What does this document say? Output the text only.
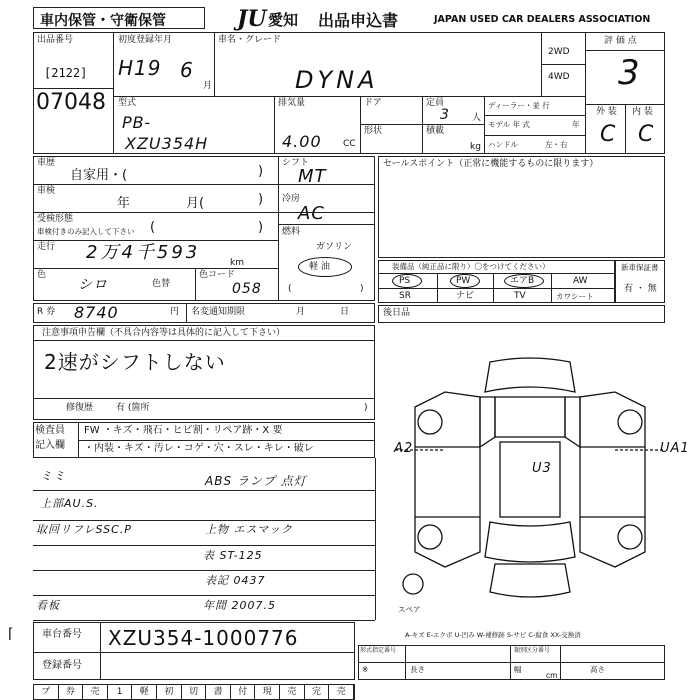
車内保管・守衛保管	JU 愛知 出品申込書	JAPAN USED CAR DEALERS ASSOCIATION
出品番号
[2122]
07048
初度登録年月
H19 6
月
車名・グレード
DYNA
2WD
4WD
評 価 点
3
外 装 内 装
C C
型式
PB-
XZU354H
排気量
4.00 CC
ドア
形状
定員
3 人
積載
kg
ディーラー・並 行
モデル 年 式	年
ハンドル	左・右
車歴
自家用・(	)
車検
年	月(	)
受検形態
車検付きのみ記入して下さい (	)
走行 2万4千593	km
色
シロ	色替
色コード
058
シフト
MT
冷房
AC
燃料
ガソリン
軽 油
(	)
セールスポイント（正常に機能するものに限ります）
装備品（純正品に限り）〇をつけてください）
PS	PW	エアB	AW
SR	ナビ	TV	カワシート
新車保証書
有 ・ 無
R 券 8740	円 名変通知期限	月	日	後日品
注意事項申告欄（不具合内容等は具体的に記入して下さい）
2速がシフトしない
修復歴	有 (箇所	)
検査員
記入欄
FW ・キズ・飛石・ヒビ割・リペア跡・X 要
・内装・キズ・汚レ・コゲ・穴・スレ・キレ・破レ
ミミ	ABS ランプ 点灯
上部AU.S.
取回リフレSSC.P	上物 エスマック
表 ST-125
表記 0437
看板	年間 2007.5
A2
U3
UA1
スペア
A-キズ E-エクボ U-凹み W-補修跡 S-サビ C-腐食 XX-交換済
車台番号 XZU354-1000776
登録番号
⌈
形式指定番号	類別区分番号
※	長さ	幅	高さ
cm
プ	券	売	1	軽	初	切	書	付	現	売	完	売
